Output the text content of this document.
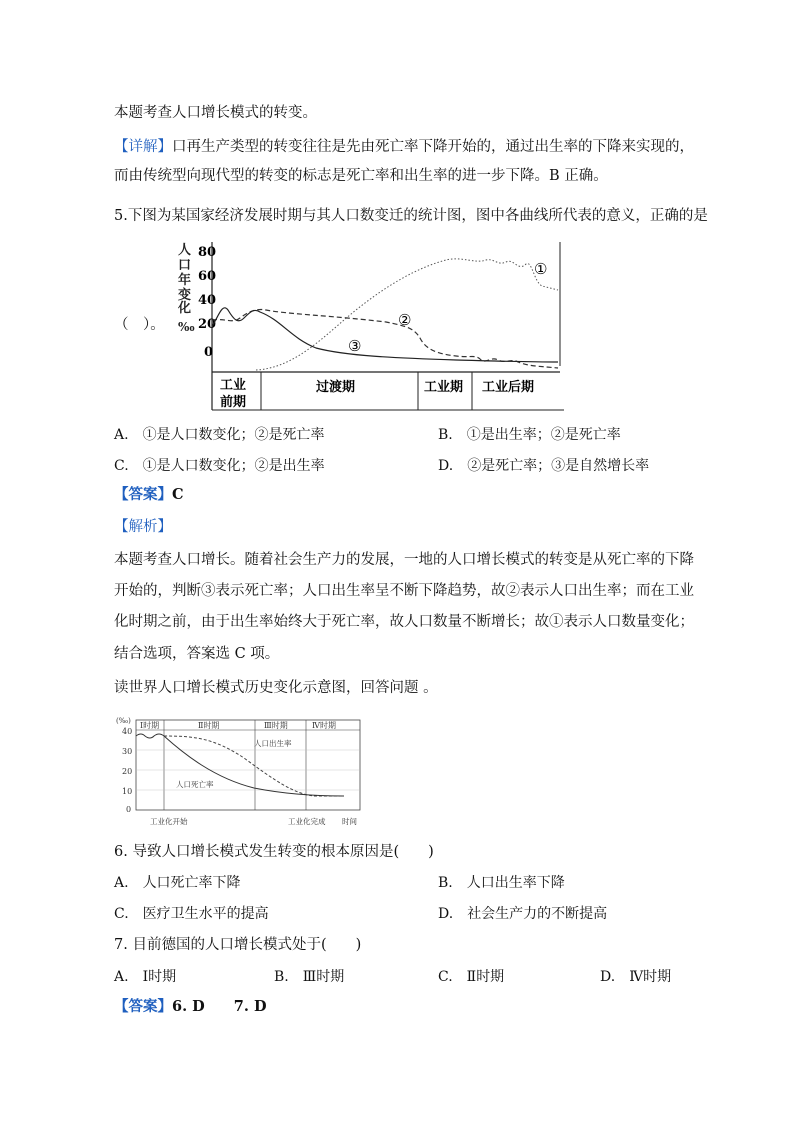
本题考查人口增长模式的转变。
【详解】口再生产类型的转变往往是先由死亡率下降开始的，通过出生率的下降来实现的，
而由传统型向现代型的转变的标志是死亡率和出生率的进一步下降。B 正确。
5.下图为某国家经济发展时期与其人口数变迁的统计图，图中各曲线所代表的意义，正确的是
（　）。
人 口 年 变 化
‰
80
60
40
20
0
①
②
③
工业
前期
过渡期	工业期 工业后期
A.　 ①是人口数变化；②是死亡率	B.　 ①是出生率；②是死亡率
C.　 ①是人口数变化；②是出生率	D.　 ②是死亡率；③是自然增长率
【答案】C
【解析】
本题考查人口增长。随着社会生产力的发展，一地的人口增长模式的转变是从死亡率的下降
开始的，判断③表示死亡率；人口出生率呈不断下降趋势，故②表示人口出生率；而在工业
化时期之前，由于出生率始终大于死亡率，故人口数量不断增长；故①表示人口数量变化；
结合选项，答案选 C 项。
读世界人口增长模式历史变化示意图，回答问题 。
(‰) Ⅰ时期	Ⅱ时期	Ⅲ时期	Ⅳ时期
40
30
20
10
0
人口出生率
人口死亡率
工业化开始	工业化完成 时间
6. 导致人口增长模式发生转变的根本原因是(　　)
A.　 人口死亡率下降	B.　 人口出生率下降
C.　 医疗卫生水平的提高	D.　 社会生产力的不断提高
7. 目前德国的人口增长模式处于(　　)
A.　 Ⅰ时期	B.　 Ⅲ时期	C.　 Ⅱ时期	D.　 Ⅳ时期
【答案】6. D　　 7. D
